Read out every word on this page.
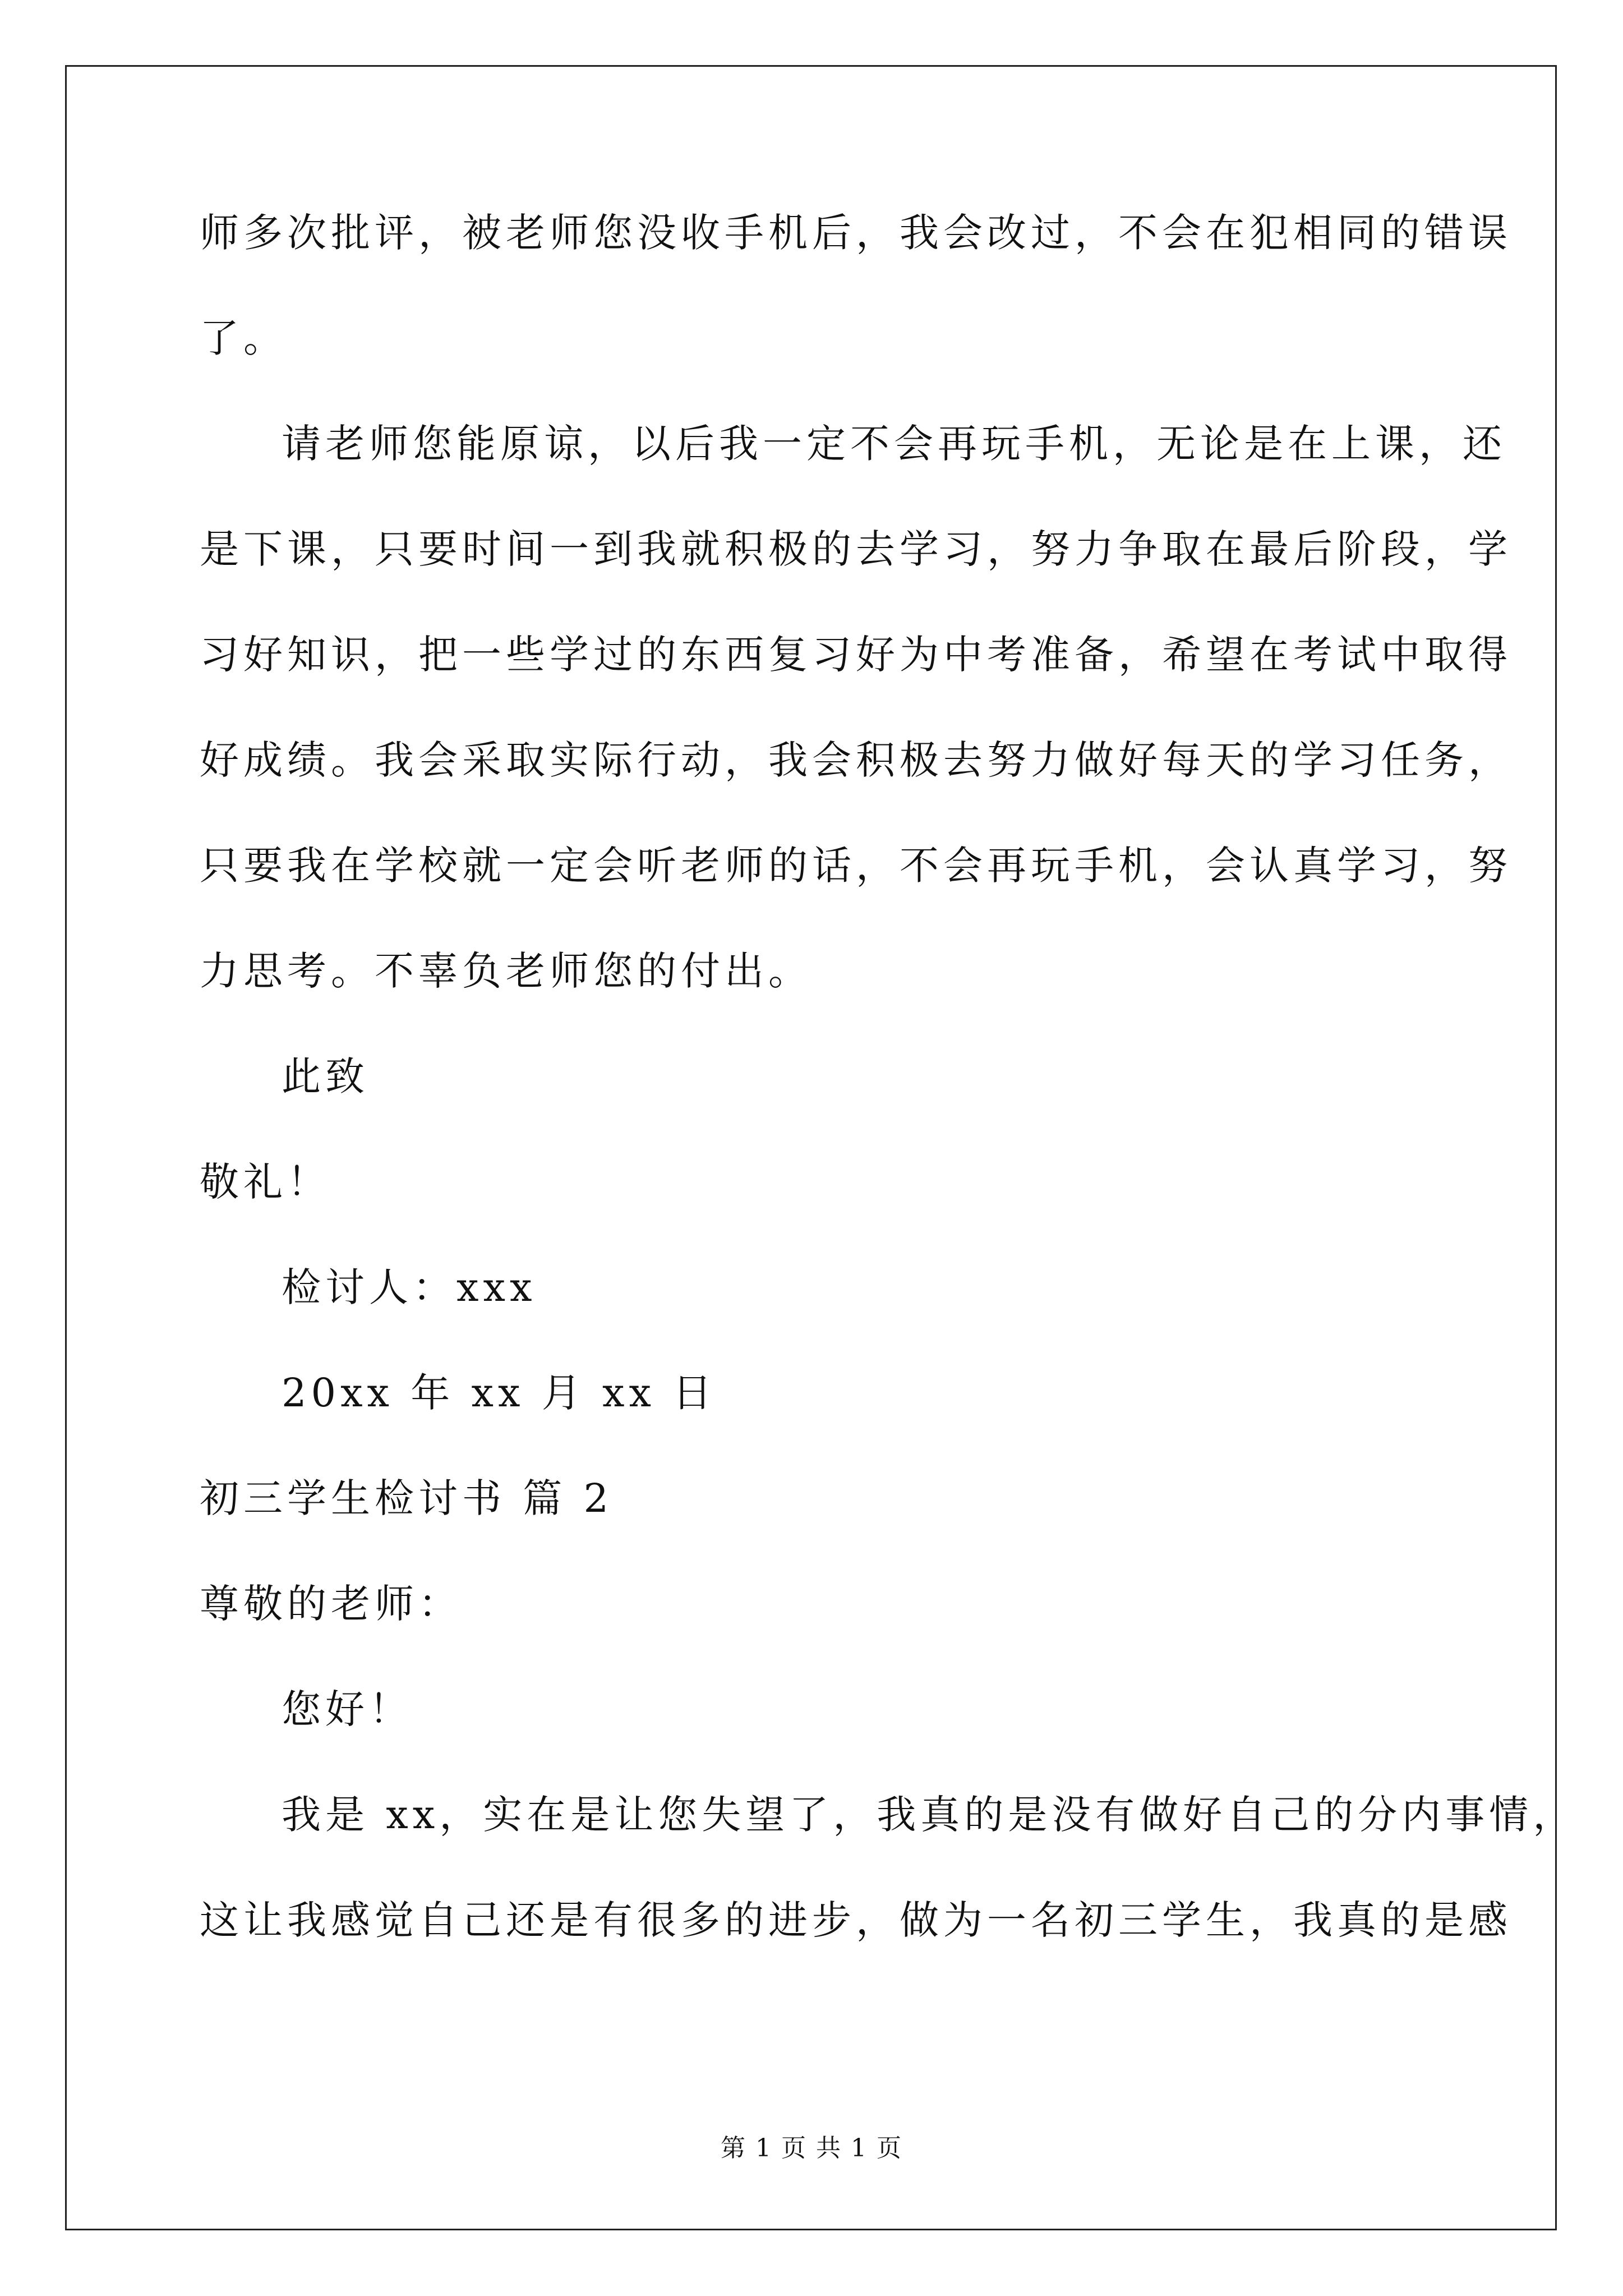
师多次批评，被老师您没收手机后，我会改过，不会在犯相同的错误
了。
请老师您能原谅，以后我一定不会再玩手机，无论是在上课，还
是下课，只要时间一到我就积极的去学习，努力争取在最后阶段，学
习好知识，把一些学过的东西复习好为中考准备，希望在考试中取得
好成绩。我会采取实际行动，我会积极去努力做好每天的学习任务，
只要我在学校就一定会听老师的话，不会再玩手机，会认真学习，努
力思考。不辜负老师您的付出。
此致
敬礼！
检讨人：xxx
20xx 年 xx 月 xx 日
初三学生检讨书 篇 2
尊敬的老师：
您好！
我是 xx，实在是让您失望了，我真的是没有做好自己的分内事情，
这让我感觉自己还是有很多的进步，做为一名初三学生，我真的是感
第 1 页 共 1 页
